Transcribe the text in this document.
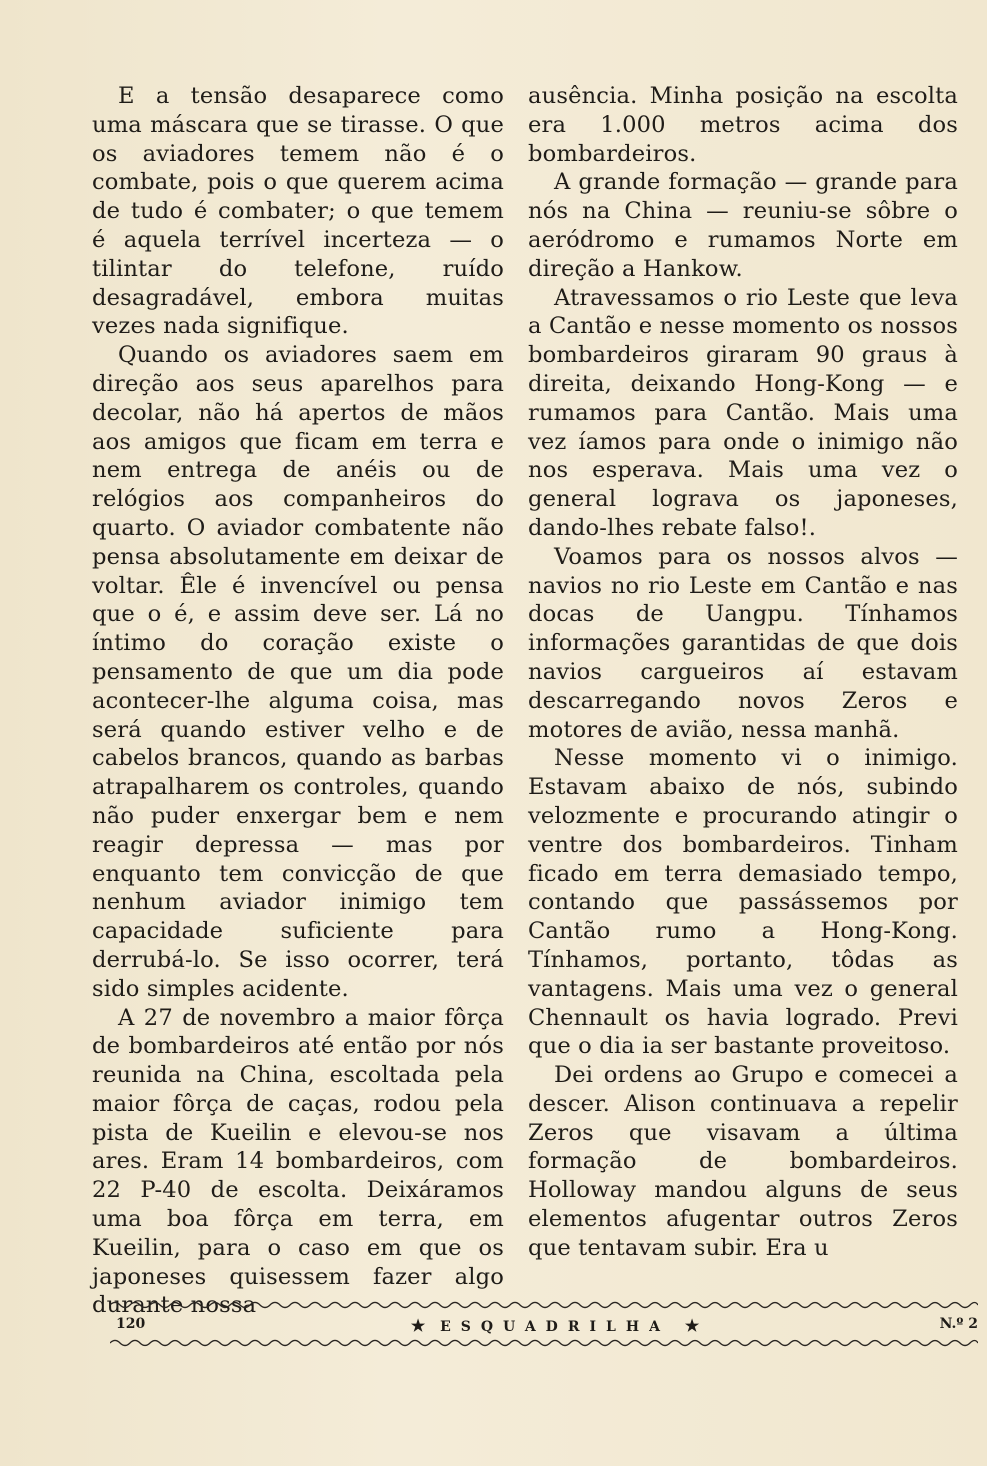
E a tensão desaparece como uma máscara que se tirasse. O que os aviadores temem não é o combate, pois o que querem acima de tudo é combater; o que temem é aquela terrível incerteza — o tilintar do telefone, ruído desagradável, embora muitas vezes nada signifique.

Quando os aviadores saem em direção aos seus aparelhos para decolar, não há apertos de mãos aos amigos que ficam em terra e nem entrega de anéis ou de relógios aos companheiros do quarto. O aviador combatente não pensa absolutamente em deixar de voltar. Êle é invencível ou pensa que o é, e assim deve ser. Lá no íntimo do coração existe o pensamento de que um dia pode acontecer-lhe alguma coisa, mas será quando estiver velho e de cabelos brancos, quando as barbas atrapalharem os controles, quando não puder enxergar bem e nem reagir depressa — mas por enquanto tem convicção de que nenhum aviador inimigo tem capacidade suficiente para derrubá-lo. Se isso ocorrer, terá sido simples acidente.

A 27 de novembro a maior fôrça de bombardeiros até então por nós reunida na China, escoltada pela maior fôrça de caças, rodou pela pista de Kueilin e elevou-se nos ares. Eram 14 bombardeiros, com 22 P-40 de escolta. Deixáramos uma boa fôrça em terra, em Kueilin, para o caso em que os japoneses quisessem fazer algo durante nossa

ausência. Minha posição na escolta era 1.000 metros acima dos bombardeiros.

A grande formação — grande para nós na China — reuniu-se sôbre o aeródromo e rumamos Norte em direção a Hankow.

Atravessamos o rio Leste que leva a Cantão e nesse momento os nossos bombardeiros giraram 90 graus à direita, deixando Hong-Kong — e rumamos para Cantão. Mais uma vez íamos para onde o inimigo não nos esperava. Mais uma vez o general lograva os japoneses, dando-lhes rebate falso!.

Voamos para os nossos alvos — navios no rio Leste em Cantão e nas docas de Uangpu. Tínhamos informações garantidas de que dois navios cargueiros aí estavam descarregando novos Zeros e motores de avião, nessa manhã.

Nesse momento vi o inimigo. Estavam abaixo de nós, subindo velozmente e procurando atingir o ventre dos bombardeiros. Tinham ficado em terra demasiado tempo, contando que passássemos por Cantão rumo a Hong-Kong. Tínhamos, portanto, tôdas as vantagens. Mais uma vez o general Chennault os havia logrado. Previ que o dia ia ser bastante proveitoso.

Dei ordens ao Grupo e comecei a descer. Alison continuava a repelir Zeros que visavam a última formação de bombardeiros. Holloway mandou alguns de seus elementos afugentar outros Zeros que tentavam subir. Era u

120	★ ESQUADRILHA ★	N.º 2
